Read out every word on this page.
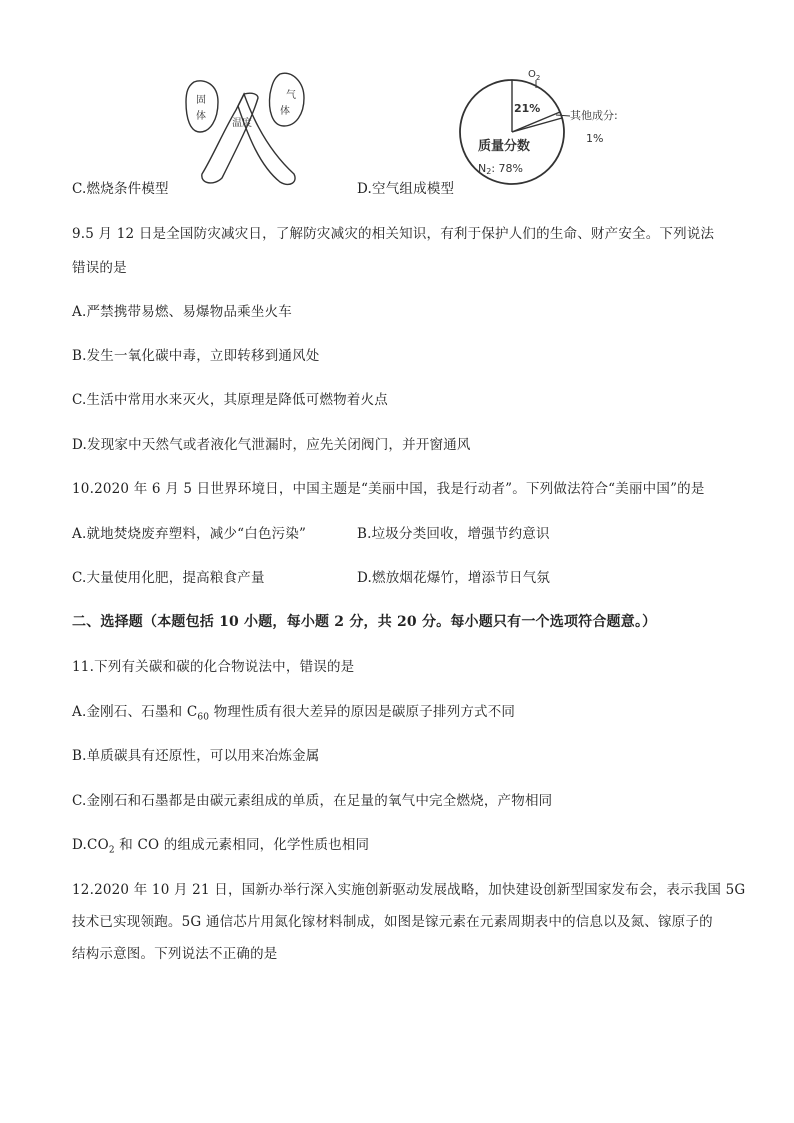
固
体
温度
气
体
$O_2$
21%
其他成分:
1%
质量分数
N2: 78%
C.燃烧条件模型	D.空气组成模型
9.5 月 12 日是全国防灾减灾日，了解防灾减灾的相关知识，有利于保护人们的生命、财产安全。下列说法
错误的是
A.严禁携带易燃、易爆物品乘坐火车
B.发生一氧化碳中毒，立即转移到通风处
C.生活中常用水来灭火，其原理是降低可燃物着火点
D.发现家中天然气或者液化气泄漏时，应先关闭阀门，并开窗通风
10.2020 年 6 月 5 日世界环境日，中国主题是“美丽中国，我是行动者”。下列做法符合“美丽中国”的是
A.就地焚烧废弃塑料，减少“白色污染”	B.垃圾分类回收，增强节约意识
C.大量使用化肥，提高粮食产量	D.燃放烟花爆竹，增添节日气氛
二、选择题（本题包括 10 小题，每小题 2 分，共 20 分。每小题只有一个选项符合题意。）
11.下列有关碳和碳的化合物说法中，错误的是
A.金刚石、石墨和 $C_{60}$ 物理性质有很大差异的原因是碳原子排列方式不同
B.单质碳具有还原性，可以用来冶炼金属
C.金刚石和石墨都是由碳元素组成的单质，在足量的氧气中完全燃烧，产物相同
$D.CO_2$ 和 CO 的组成元素相同，化学性质也相同
12.2020 年 10 月 21 日，国新办举行深入实施创新驱动发展战略，加快建设创新型国家发布会，表示我国 5G
技术已实现领跑。5G 通信芯片用氮化镓材料制成，如图是镓元素在元素周期表中的信息以及氮、镓原子的
结构示意图。下列说法不正确的是
